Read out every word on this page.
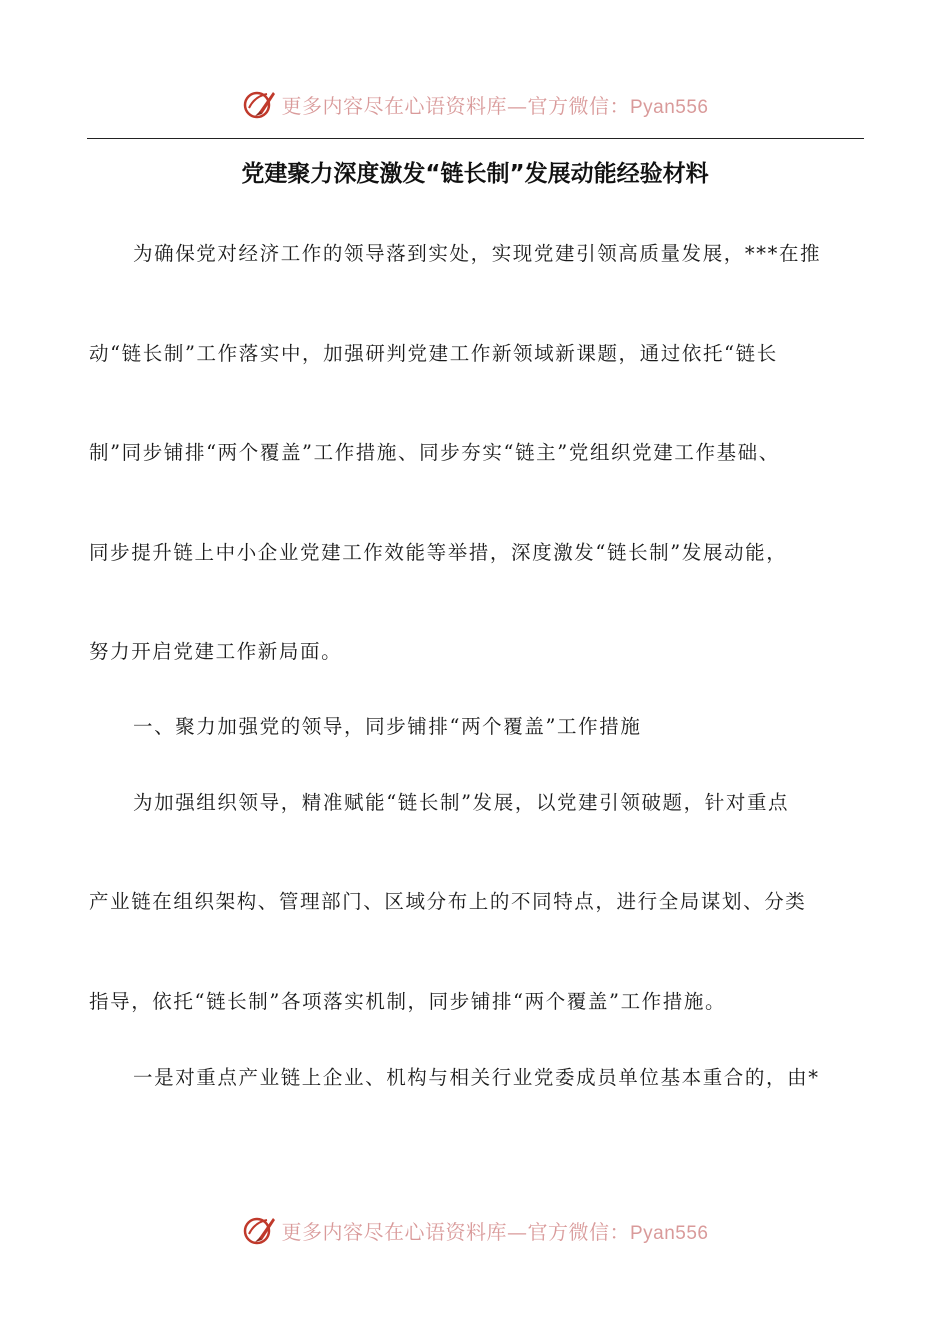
更多内容尽在心语资料库—官方微信：Pyan556
党建聚力深度激发“链长制”发展动能经验材料
为确保党对经济工作的领导落到实处，实现党建引领高质量发展，***在推
动“链长制”工作落实中，加强研判党建工作新领域新课题，通过依托“链长
制”同步铺排“两个覆盖”工作措施、同步夯实“链主”党组织党建工作基础、
同步提升链上中小企业党建工作效能等举措，深度激发“链长制”发展动能，
努力开启党建工作新局面。
一、聚力加强党的领导，同步铺排“两个覆盖”工作措施
为加强组织领导，精准赋能“链长制”发展，以党建引领破题，针对重点
产业链在组织架构、管理部门、区域分布上的不同特点，进行全局谋划、分类
指导，依托“链长制”各项落实机制，同步铺排“两个覆盖”工作措施。
一是对重点产业链上企业、机构与相关行业党委成员单位基本重合的，由*
更多内容尽在心语资料库—官方微信：Pyan556
